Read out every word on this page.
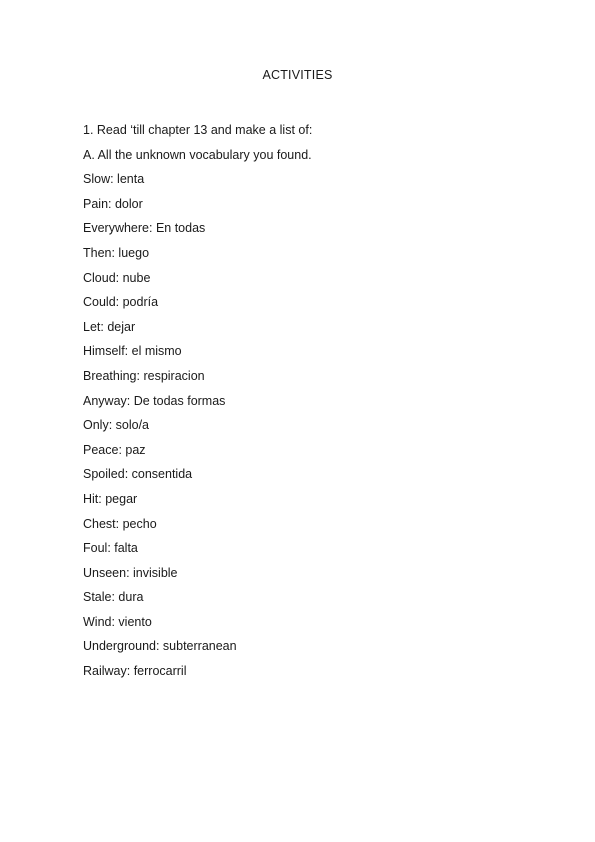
ACTIVITIES
1. Read ‘till chapter 13 and make a list of:
A. All the unknown vocabulary you found.
Slow: lenta
Pain: dolor
Everywhere: En todas
Then: luego
Cloud: nube
Could: podría
Let: dejar
Himself: el mismo
Breathing: respiracion
Anyway: De todas formas
Only: solo/a
Peace: paz
Spoiled: consentida
Hit: pegar
Chest: pecho
Foul: falta
Unseen: invisible
Stale: dura
Wind: viento
Underground: subterranean
Railway: ferrocarril
